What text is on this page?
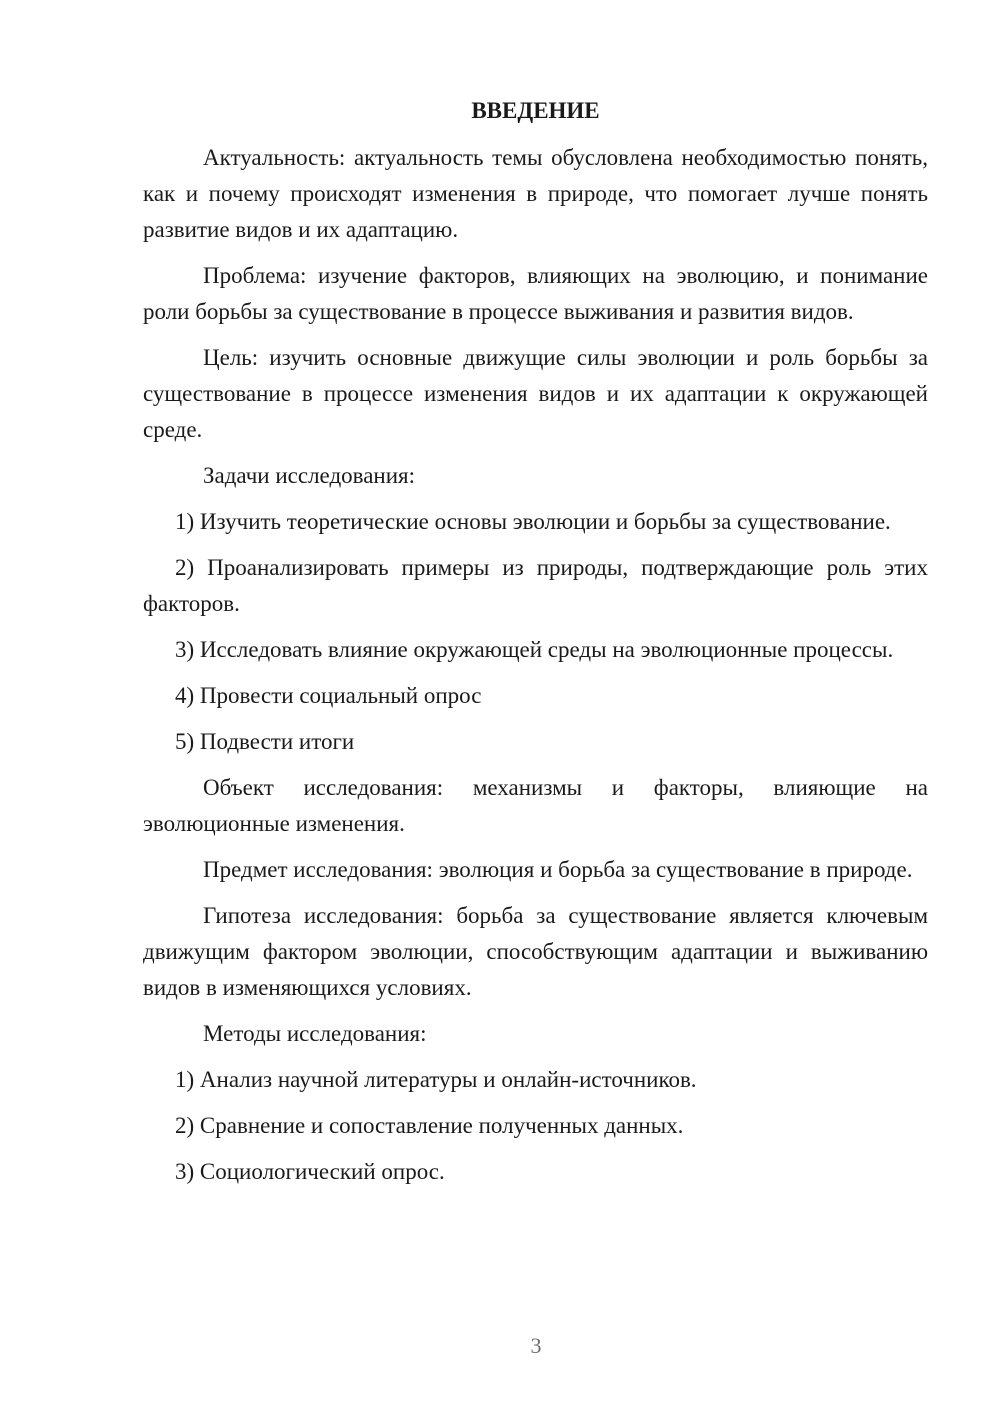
ВВЕДЕНИЕ

Актуальность: актуальность темы обусловлена необходимостью понять, как и почему происходят изменения в природе, что помогает лучше понять развитие видов и их адаптацию.

Проблема: изучение факторов, влияющих на эволюцию, и понимание роли борьбы за существование в процессе выживания и развития видов.

Цель: изучить основные движущие силы эволюции и роль борьбы за существование в процессе изменения видов и их адаптации к окружающей среде.

Задачи исследования:

1) Изучить теоретические основы эволюции и борьбы за существование.

2) Проанализировать примеры из природы, подтверждающие роль этих факторов.

3) Исследовать влияние окружающей среды на эволюционные процессы.

4) Провести социальный опрос

5) Подвести итоги

Объект исследования: механизмы и факторы, влияющие на эволюционные изменения.

Предмет исследования: эволюция и борьба за существование в природе.

Гипотеза исследования: борьба за существование является ключевым движущим фактором эволюции, способствующим адаптации и выживанию видов в изменяющихся условиях.

Методы исследования:

1) Анализ научной литературы и онлайн-источников.

2) Сравнение и сопоставление полученных данных.

3) Социологический опрос.

3
